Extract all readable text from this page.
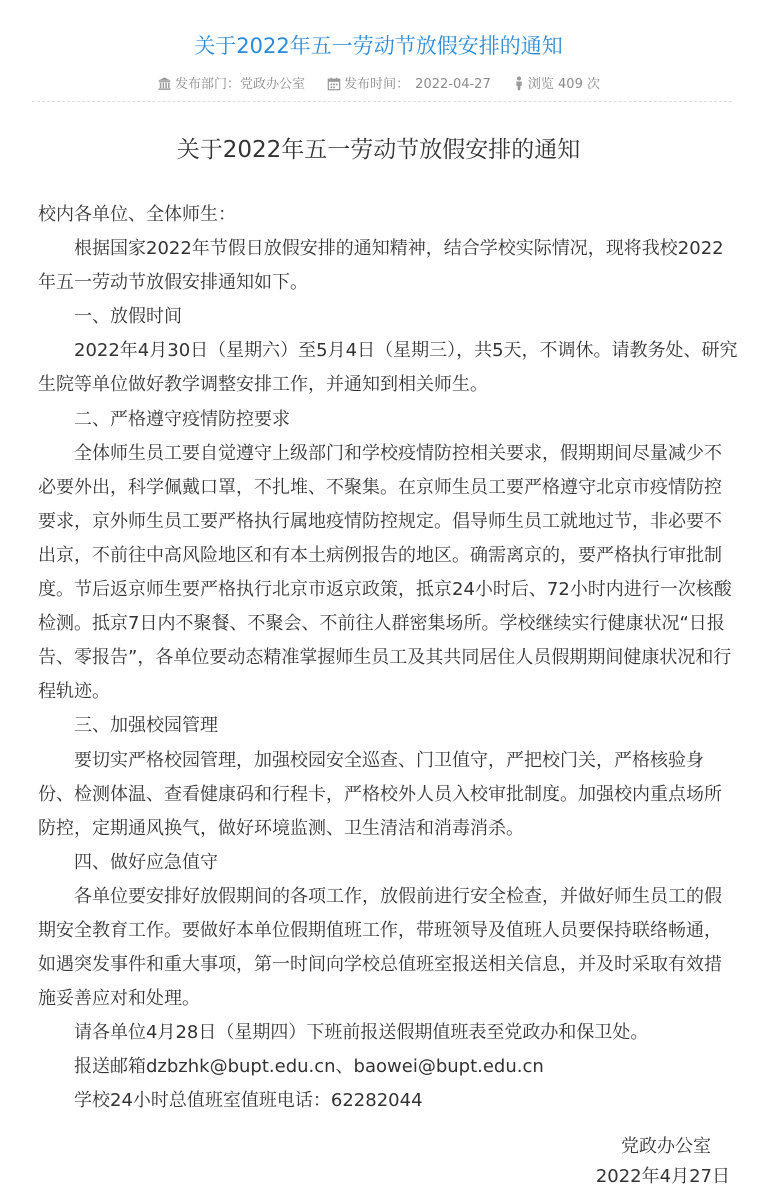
关于2022年五一劳动节放假安排的通知
发布部门：党政办公室	发布时间： 2022-04-27	浏览 409 次
关于2022年五一劳动节放假安排的通知

校内各单位、全体师生：

根据国家2022年节假日放假安排的通知精神，结合学校实际情况，现将我校2022年五一劳动节放假安排通知如下。

一、放假时间

2022年4月30日（星期六）至5月4日（星期三），共5天，不调休。请教务处、研究生院等单位做好教学调整安排工作，并通知到相关师生。

二、严格遵守疫情防控要求

全体师生员工要自觉遵守上级部门和学校疫情防控相关要求，假期期间尽量减少不必要外出，科学佩戴口罩，不扎堆、不聚集。在京师生员工要严格遵守北京市疫情防控要求，京外师生员工要严格执行属地疫情防控规定。倡导师生员工就地过节，非必要不出京，不前往中高风险地区和有本土病例报告的地区。确需离京的，要严格执行审批制度。节后返京师生要严格执行北京市返京政策，抵京24小时后、72小时内进行一次核酸检测。抵京7日内不聚餐、不聚会、不前往人群密集场所。学校继续实行健康状况“日报告、零报告”，各单位要动态精准掌握师生员工及其共同居住人员假期期间健康状况和行程轨迹。

三、加强校园管理

要切实严格校园管理，加强校园安全巡查、门卫值守，严把校门关，严格核验身份、检测体温、查看健康码和行程卡，严格校外人员入校审批制度。加强校内重点场所防控，定期通风换气，做好环境监测、卫生清洁和消毒消杀。

四、做好应急值守

各单位要安排好放假期间的各项工作，放假前进行安全检查，并做好师生员工的假期安全教育工作。要做好本单位假期值班工作，带班领导及值班人员要保持联络畅通，如遇突发事件和重大事项，第一时间向学校总值班室报送相关信息，并及时采取有效措施妥善应对和处理。

请各单位4月28日（星期四）下班前报送假期值班表至党政办和保卫处。

报送邮箱dzbzhk@bupt.edu.cn、baowei@bupt.edu.cn

学校24小时总值班室值班电话：62282044

党政办公室
2022年4月27日
